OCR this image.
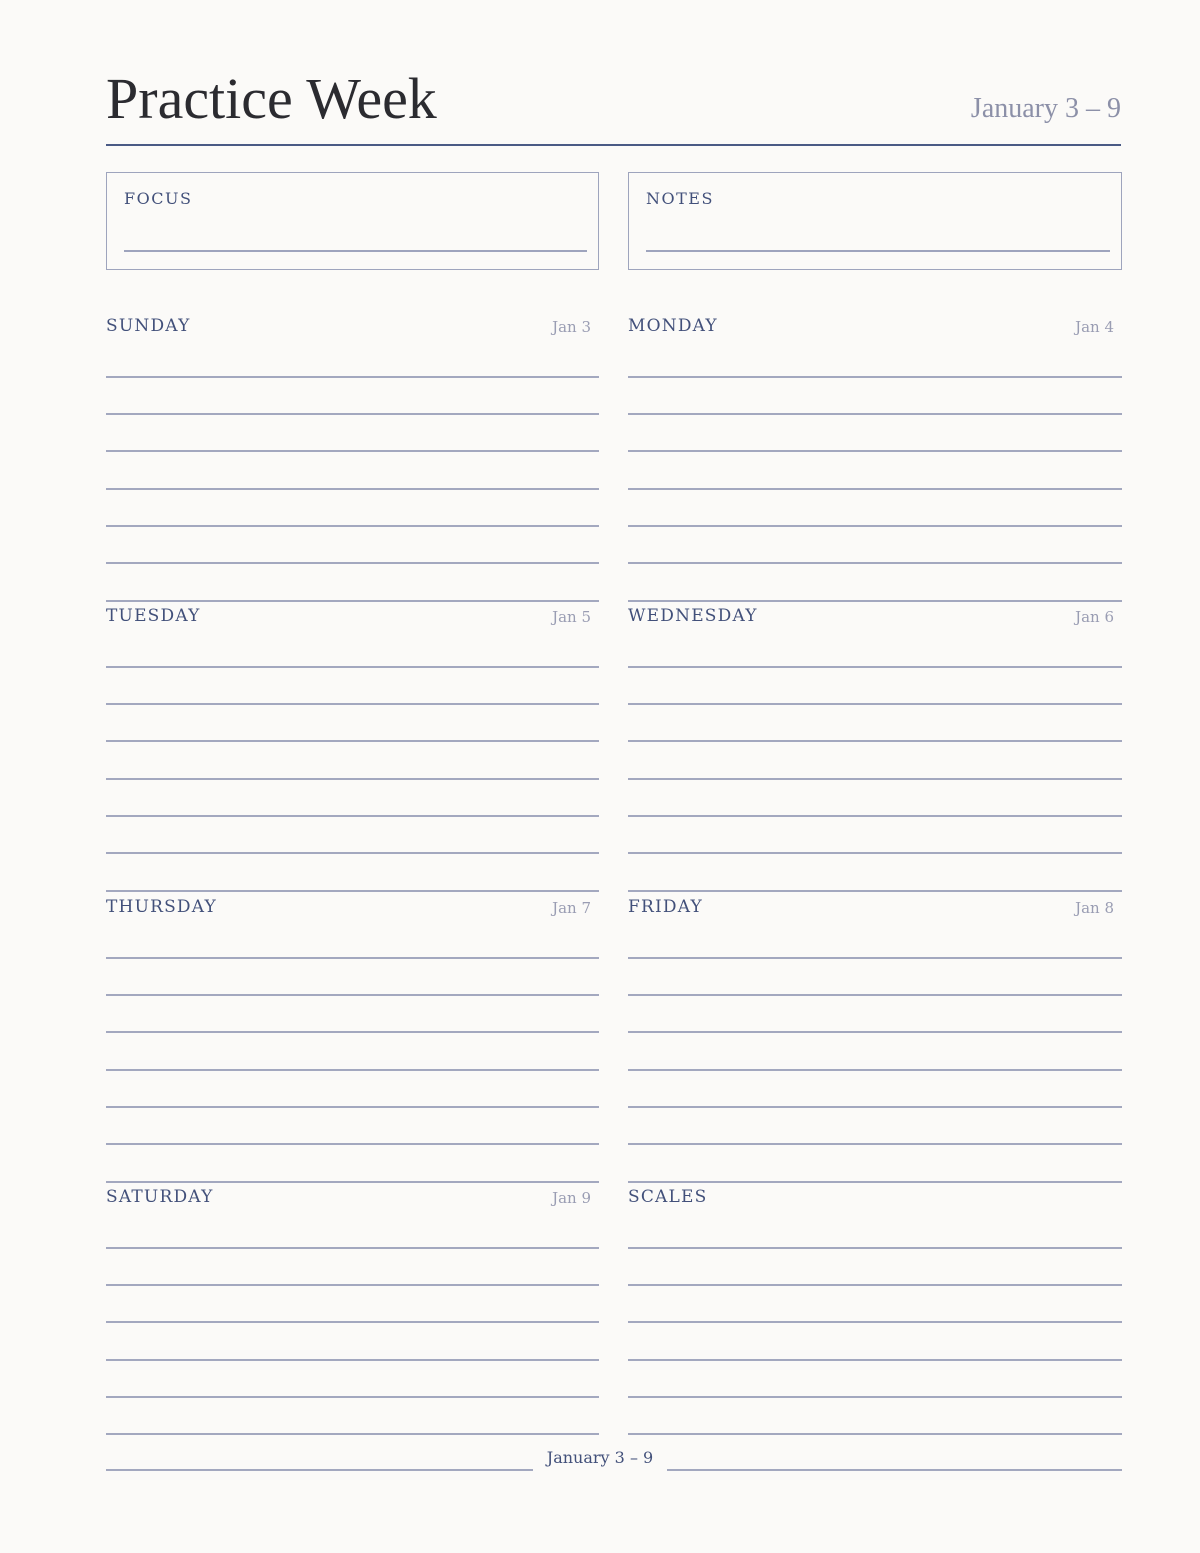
Practice Week	January 3 – 9
FOCUS	NOTES
SUNDAY	Jan 3 MONDAY	Jan 4
TUESDAY	Jan 5 WEDNESDAY	Jan 6
THURSDAY	Jan 7 FRIDAY	Jan 8
SATURDAY	Jan 9 SCALES
January 3 – 9
